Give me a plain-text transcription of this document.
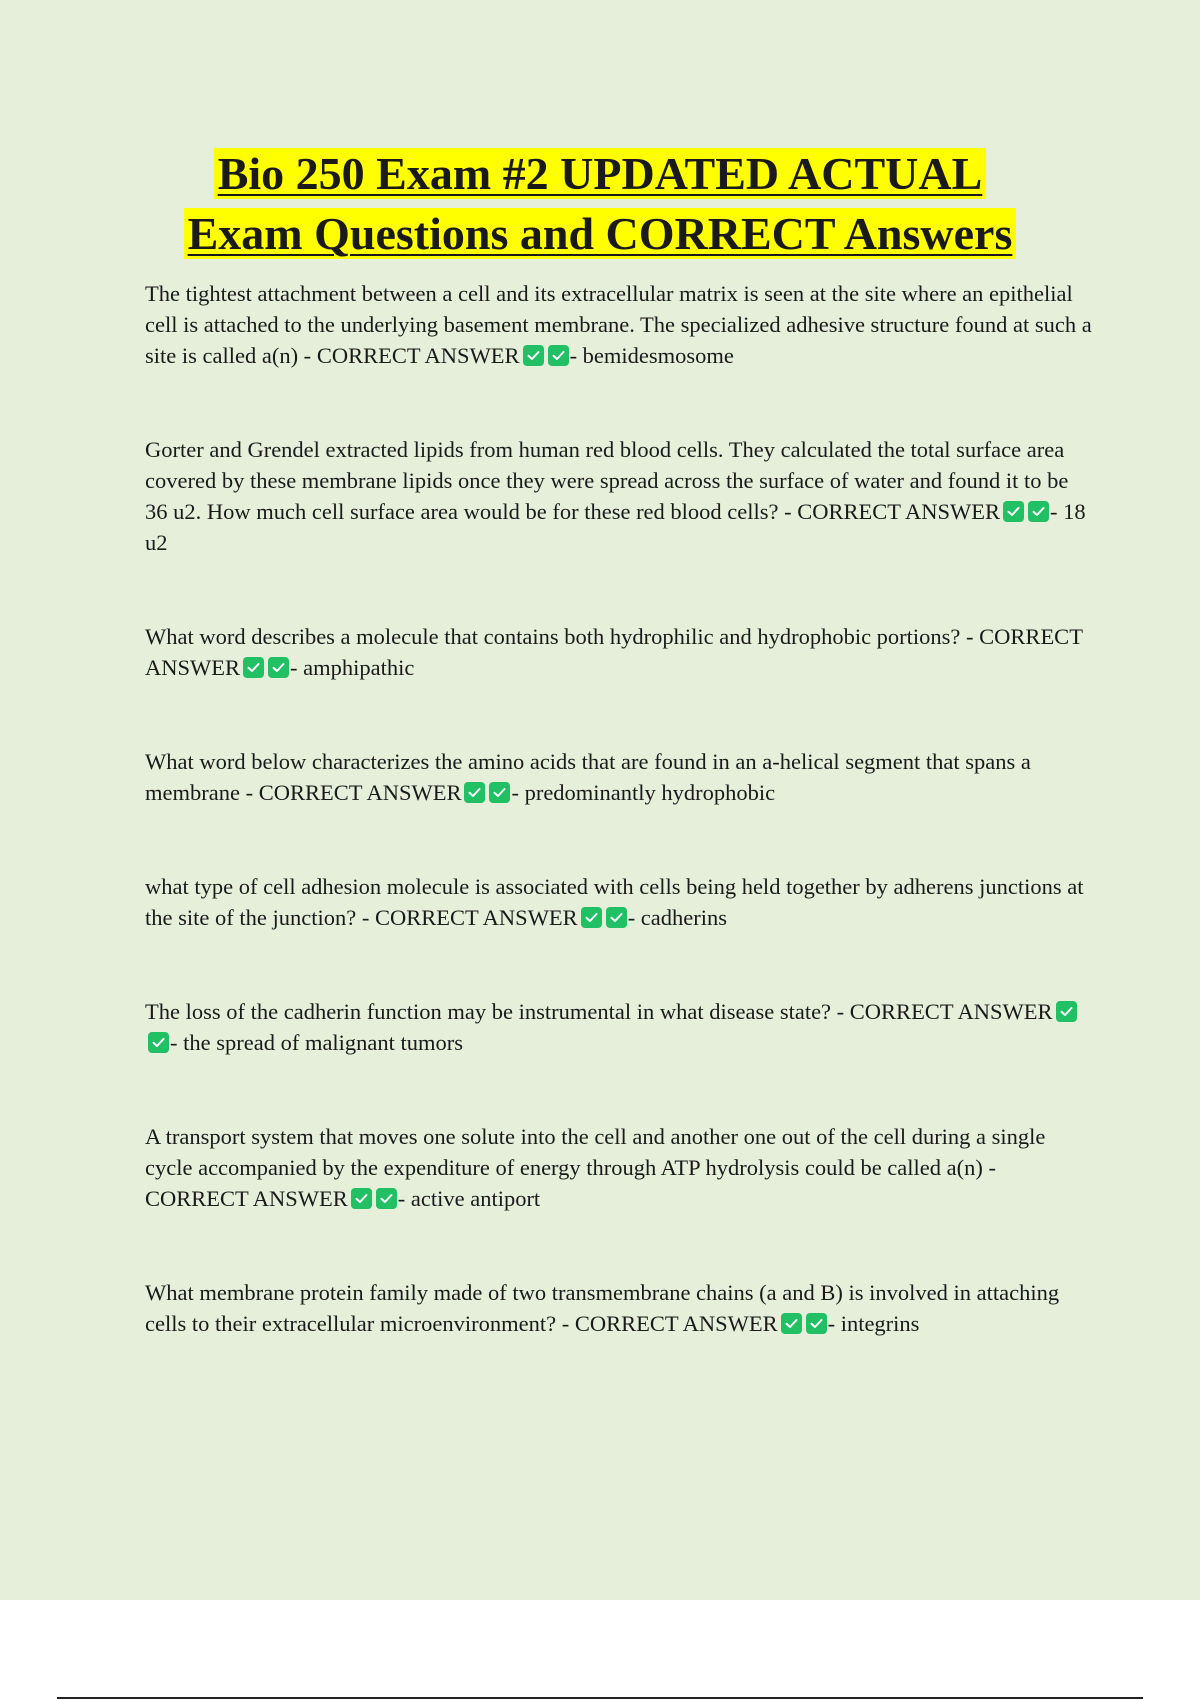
Bio 250 Exam #2 UPDATED ACTUAL
Exam Questions and CORRECT Answers

The tightest attachment between a cell and its extracellular matrix is seen at the site where an epithelial cell is attached to the underlying basement membrane. The specialized adhesive structure found at such a site is called a(n) - CORRECT ANSWER - bemidesmosome

Gorter and Grendel extracted lipids from human red blood cells. They calculated the total surface area covered by these membrane lipids once they were spread across the surface of water and found it to be 36 u2. How much cell surface area would be for these red blood cells? - CORRECT ANSWER - 18 u2

What word describes a molecule that contains both hydrophilic and hydrophobic portions? - CORRECT ANSWER - amphipathic

What word below characterizes the amino acids that are found in an a-helical segment that spans a membrane - CORRECT ANSWER - predominantly hydrophobic

what type of cell adhesion molecule is associated with cells being held together by adherens junctions at the site of the junction? - CORRECT ANSWER - cadherins

The loss of the cadherin function may be instrumental in what disease state? - CORRECT ANSWER
- the spread of malignant tumors

A transport system that moves one solute into the cell and another one out of the cell during a single cycle accompanied by the expenditure of energy through ATP hydrolysis could be called a(n) - CORRECT ANSWER - active antiport

What membrane protein family made of two transmembrane chains (a and B) is involved in attaching cells to their extracellular microenvironment? - CORRECT ANSWER - integrins
